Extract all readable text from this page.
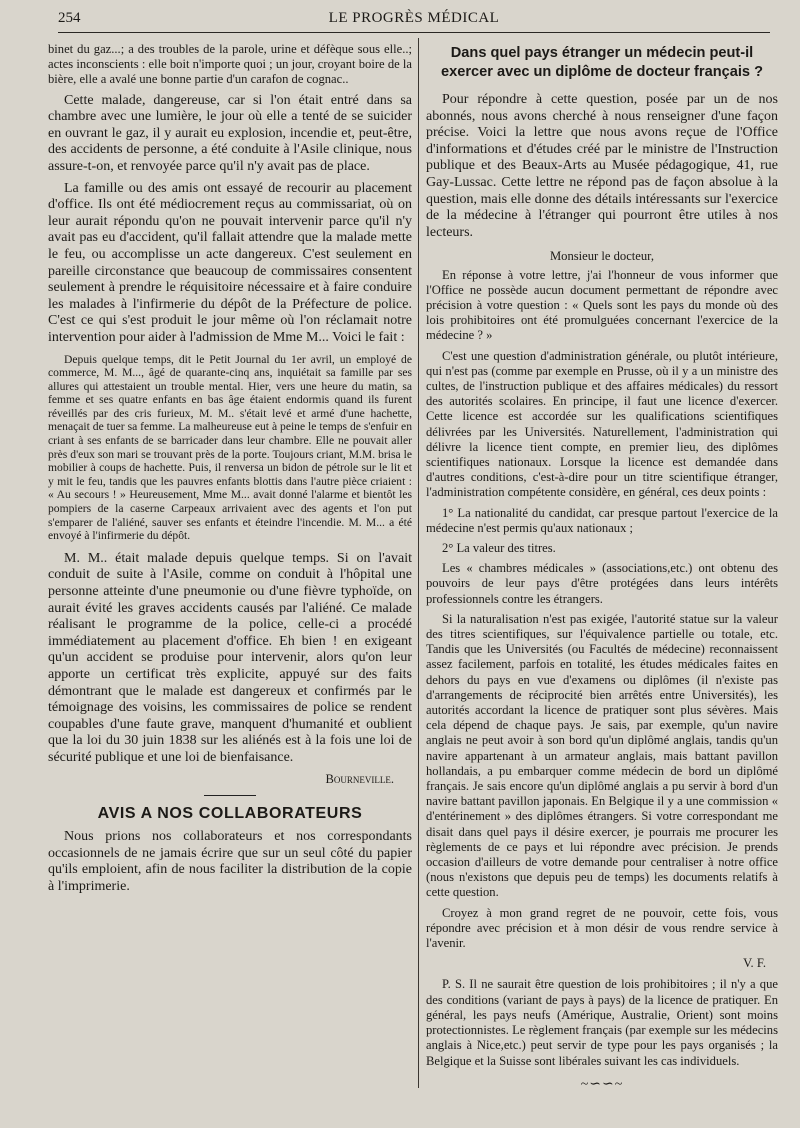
254	LE PROGRÈS MÉDICAL

binet du gaz...; a des troubles de la parole, urine et défèque sous elle..; actes inconscients : elle boit n'importe quoi ; un jour, croyant boire de la bière, elle a avalé une bonne partie d'un carafon de cognac..

Cette malade, dangereuse, car si l'on était entré dans sa chambre avec une lumière, le jour où elle a tenté de se suicider en ouvrant le gaz, il y aurait eu explosion, incendie et, peut-être, des accidents de personne, a été conduite à l'Asile clinique, nous assure-t-on, et renvoyée parce qu'il n'y avait pas de place.

La famille ou des amis ont essayé de recourir au placement d'office. Ils ont été médiocrement reçus au commissariat, où on leur aurait répondu qu'on ne pouvait intervenir parce qu'il n'y avait pas eu d'accident, qu'il fallait attendre que la malade mette le feu, ou accomplisse un acte dangereux. C'est seulement en pareille circonstance que beaucoup de commissaires consentent seulement à prendre le réquisitoire nécessaire et à faire conduire les malades à l'infirmerie du dépôt de la Préfecture de police. C'est ce qui s'est produit le jour même où l'on réclamait notre intervention pour aider à l'admission de Mme M... Voici le fait :

Depuis quelque temps, dit le Petit Journal du 1er avril, un employé de commerce, M. M..., âgé de quarante-cinq ans, inquiétait sa famille par ses allures qui attestaient un trouble mental. Hier, vers une heure du matin, sa femme et ses quatre enfants en bas âge étaient endormis quand ils furent réveillés par des cris furieux, M. M.. s'était levé et armé d'une hachette, menaçait de tuer sa femme. La malheureuse eut à peine le temps de s'enfuir en criant à ses enfants de se barricader dans leur chambre. Elle ne pouvait aller près d'eux son mari se trouvant près de la porte. Toujours criant, M.M. brisa le mobilier à coups de hachette. Puis, il renversa un bidon de pétrole sur le lit et y mit le feu, tandis que les pauvres enfants blottis dans l'autre pièce criaient : « Au secours ! » Heureusement, Mme M... avait donné l'alarme et bientôt les pompiers de la caserne Carpeaux arrivaient avec des agents et l'on put s'emparer de l'aliéné, sauver ses enfants et éteindre l'incendie. M. M... a été envoyé à l'infirmerie du dépôt.

M. M.. était malade depuis quelque temps. Si on l'avait conduit de suite à l'Asile, comme on conduit à l'hôpital une personne atteinte d'une pneumonie ou d'une fièvre typhoïde, on aurait évité les graves accidents causés par l'aliéné. Ce malade réalisant le programme de la police, celle-ci a procédé immédiatement au placement d'office. Eh bien ! en exigeant qu'un accident se produise pour intervenir, alors qu'on leur apporte un certificat très explicite, appuyé sur des faits démontrant que le malade est dangereux et confirmés par le témoignage des voisins, les commissaires de police se rendent coupables d'une faute grave, manquent d'humanité et oublient que la loi du 30 juin 1838 sur les aliénés est à la fois une loi de sécurité publique et une loi de bienfaisance.

Bourneville.

AVIS A NOS COLLABORATEURS

Nous prions nos collaborateurs et nos correspondants occasionnels de ne jamais écrire que sur un seul côté du papier qu'ils emploient, afin de nous faciliter la distribution de la copie à l'imprimerie.

Dans quel pays étranger un médecin peut-il exercer avec un diplôme de docteur français ?

Pour répondre à cette question, posée par un de nos abonnés, nous avons cherché à nous renseigner d'une façon précise. Voici la lettre que nous avons reçue de l'Office d'informations et d'études créé par le ministre de l'Instruction publique et des Beaux-Arts au Musée pédagogique, 41, rue Gay-Lussac. Cette lettre ne répond pas de façon absolue à la question, mais elle donne des détails intéressants sur l'exercice de la médecine à l'étranger qui pourront être utiles à nos lecteurs.

Monsieur le docteur,

En réponse à votre lettre, j'ai l'honneur de vous informer que l'Office ne possède aucun document permettant de répondre avec précision à votre question : « Quels sont les pays du monde où des lois prohibitoires ont été promulguées concernant l'exercice de la médecine ? »

C'est une question d'administration générale, ou plutôt intérieure, qui n'est pas (comme par exemple en Prusse, où il y a un ministre des cultes, de l'instruction publique et des affaires médicales) du ressort des autorités scolaires. En principe, il faut une licence d'exercer. Cette licence est accordée sur les qualifications scientifiques délivrées par les Universités. Naturellement, l'administration qui délivre la licence tient compte, en premier lieu, des diplômes scientifiques nationaux. Lorsque la licence est demandée dans d'autres conditions, c'est-à-dire pour un titre scientifique étranger, l'administration compétente considère, en général, ces deux points :

1° La nationalité du candidat, car presque partout l'exercice de la médecine n'est permis qu'aux nationaux ;

2° La valeur des titres.

Les « chambres médicales » (associations,etc.) ont obtenu des pouvoirs de leur pays d'être protégées dans leurs intérêts professionnels contre les étrangers.

Si la naturalisation n'est pas exigée, l'autorité statue sur la valeur des titres scientifiques, sur l'équivalence partielle ou totale, etc. Tandis que les Universités (ou Facultés de médecine) reconnaissent assez facilement, parfois en totalité, les études médicales faites en dehors du pays en vue d'examens ou diplômes (il n'existe pas d'arrangements de réciprocité bien arrêtés entre Universités), les autorités accordant la licence de pratiquer sont plus sévères. Mais cela dépend de chaque pays. Je sais, par exemple, qu'un navire anglais ne peut avoir à son bord qu'un diplômé anglais, tandis qu'un navire appartenant à un armateur anglais, mais battant pavillon hollandais, a pu embarquer comme médecin de bord un diplômé français. Je sais encore qu'un diplômé anglais a pu servir à bord d'un navire battant pavillon japonais. En Belgique il y a une commission « d'entérinement » des diplômes étrangers. Si votre correspondant me disait dans quel pays il désire exercer, je pourrais me procurer les règlements de ce pays et lui répondre avec précision. Je prends occasion d'ailleurs de votre demande pour centraliser à notre office (nous n'existons que depuis peu de temps) les documents relatifs à cette question.

Croyez à mon grand regret de ne pouvoir, cette fois, vous répondre avec précision et à mon désir de vous rendre service à l'avenir.

V. F.

P. S. Il ne saurait être question de lois prohibitoires ; il n'y a que des conditions (variant de pays à pays) de la licence de pratiquer. En général, les pays neufs (Amérique, Australie, Orient) sont moins protectionnistes. Le règlement français (par exemple sur les médecins anglais à Nice,etc.) peut servir de type pour les pays organisés ; la Belgique et la Suisse sont libérales suivant les cas individuels.

~∽∽~
